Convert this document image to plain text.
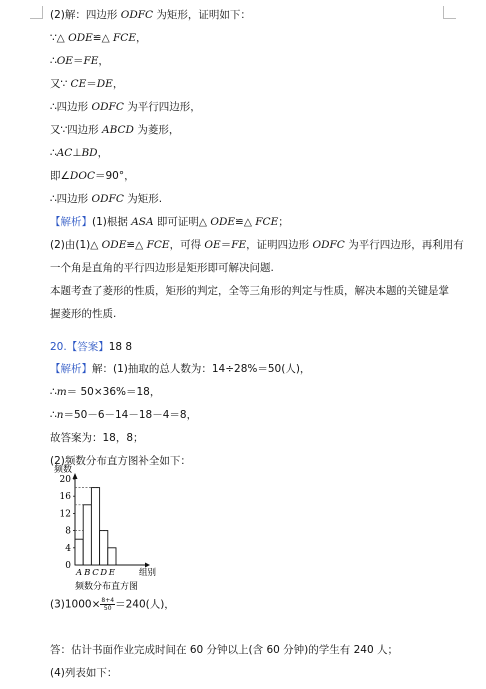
(2)解：四边形 ODFC 为矩形，证明如下：
∵△ ODE≌△ FCE，
∴OE＝FE，
又∵ CE＝DE，
∴四边形 ODFC 为平行四边形，
又∵四边形 ABCD 为菱形，
∴AC⊥BD，
即∠DOC＝90°，
∴四边形 ODFC 为矩形.
【解析】(1)根据 ASA 即可证明△ ODE≌△ FCE；
(2)由(1)△ ODE≌△ FCE，可得 OE＝FE，证明四边形 ODFC 为平行四边形，再利用有
一个角是直角的平行四边形是矩形即可解决问题.
本题考查了菱形的性质，矩形的判定，全等三角形的判定与性质，解决本题的关键是掌
握菱形的性质.
20.【答案】18 8
【解析】解：(1)抽取的总人数为：14÷28%＝50(人)，
∴m＝ 50×36%＝18，
∴n＝50－6－14－18－4＝8，
故答案为：18，8；
(2)频数分布直方图补全如下：
答：估计书面作业完成时间在 60 分钟以上(含 60 分钟)的学生有 240 人；
(4)列表如下：
$(3)1000\times \frac{8+4}{50} =240$(人)，
0
4
8
12
16
20
A B C D E
频数
组别
频数分布直方图
